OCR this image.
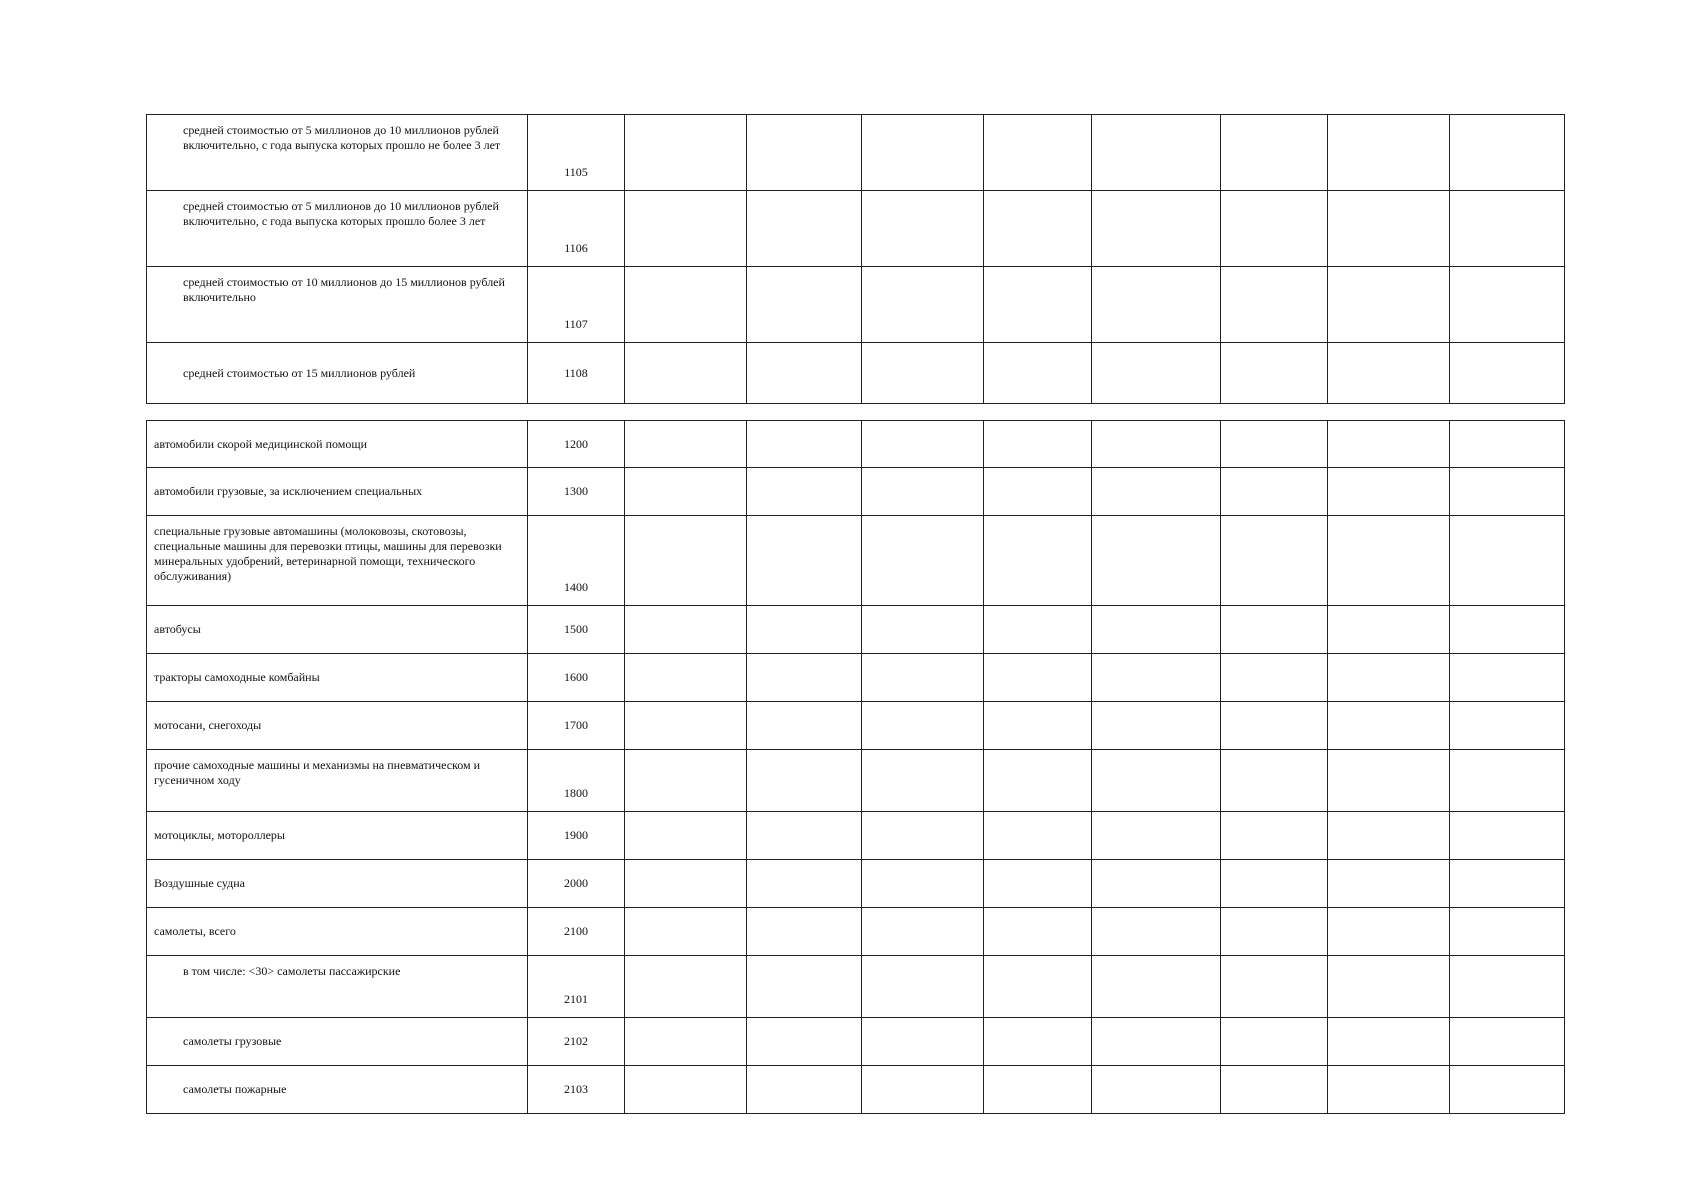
средней стоимостью от 5 миллионов до 10 миллионов рублей включительно, с года выпуска которых прошло не более 3 лет	1105								
средней стоимостью от 5 миллионов до 10 миллионов рублей включительно, с года выпуска которых прошло более 3 лет	1106								
средней стоимостью от 10 миллионов до 15 миллионов рублей включительно	1107								
средней стоимостью от 15 миллионов рублей	1108								
автомобили скорой медицинской помощи	1200								
автомобили грузовые, за исключением специальных	1300								
специальные грузовые автомашины (молоковозы, скотовозы, специальные машины для перевозки птицы, машины для перевозки минеральных удобрений, ветеринарной помощи, технического обслуживания)	1400								
автобусы	1500								
тракторы самоходные комбайны	1600								
мотосани, снегоходы	1700								
прочие самоходные машины и механизмы на пневматическом и гусеничном ходу	1800								
мотоциклы, мотороллеры	1900								
Воздушные судна	2000								
самолеты, всего	2100								
в том числе: <30> самолеты пассажирские	2101								
самолеты грузовые	2102								
самолеты пожарные	2103								
